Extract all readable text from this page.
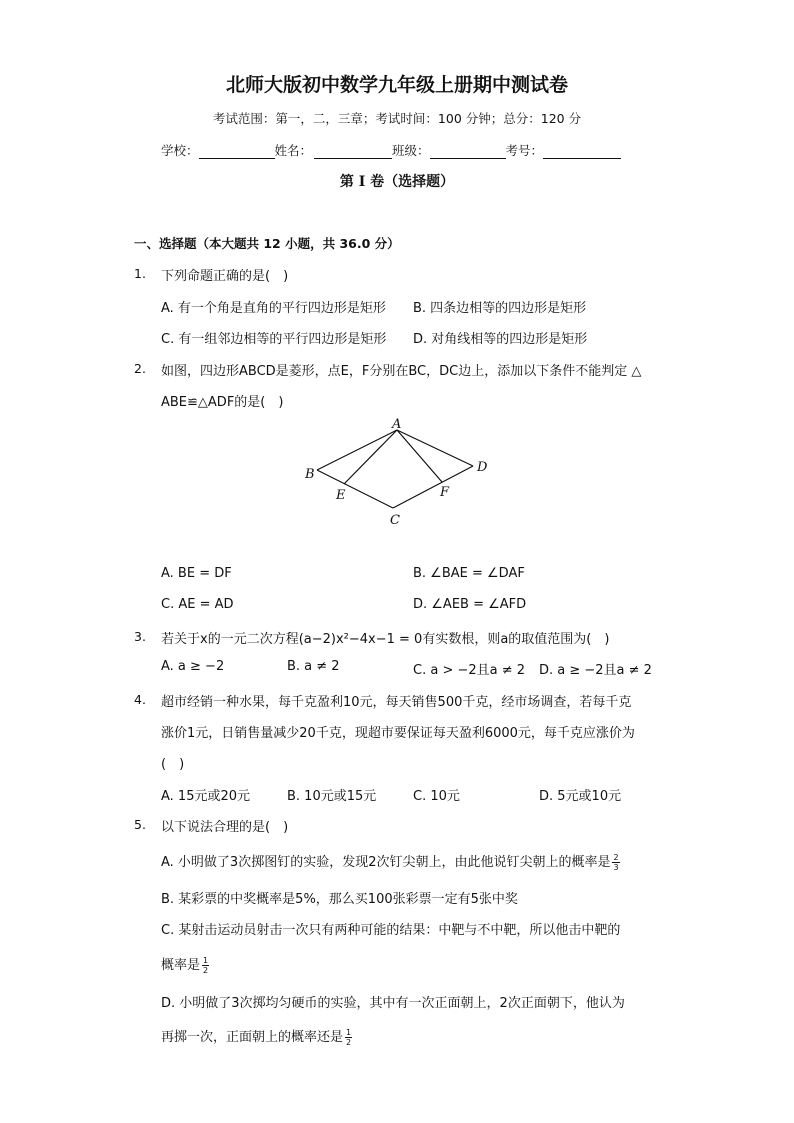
北师大版初中数学九年级上册期中测试卷
考试范围：第一，二，三章；考试时间：100 分钟；总分：120 分
学校：	姓名：	班级：	考号：
第 I 卷（选择题）
一、选择题（本大题共 12 小题，共 36.0 分）
1. 下列命题正确的是(　)
A. 有一个角是直角的平行四边形是矩形 B. 四条边相等的四边形是矩形
C. 有一组邻边相等的平行四边形是矩形 D. 对角线相等的四边形是矩形
2. 如图，四边形ABCD是菱形，点E，F分别在BC，DC边上，添加以下条件不能判定 △
ABE≌△ADF的是(　)
A
B
C
D
E	F
A. BE = DF	B. ∠BAE = ∠DAF
C. AE = AD	D. ∠AEB = ∠AFD
3. 若关于x的一元二次方程(a−2)x²−4x−1 = 0有实数根，则a的取值范围为(　)
A. a ≥ −2	B. a ≠ 2	C. a > −2且a ≠ 2 D. a ≥ −2且a ≠ 2
4. 超市经销一种水果，每千克盈利10元，每天销售500千克，经市场调查，若每千克
涨价1元，日销售量减少20千克，现超市要保证每天盈利6000元，每千克应涨价为
(　)
A. 15元或20元	B. 10元或15元	C. 10元	D. 5元或10元
5. 以下说法合理的是(　)
A. 小明做了3次掷图钉的实验，发现2次钉尖朝上，由此他说钉尖朝上的概率是 $\frac{2}{3}$
B. 某彩票的中奖概率是5%，那么买100张彩票一定有5张中奖
C. 某射击运动员射击一次只有两种可能的结果：中靶与不中靶，所以他击中靶的
概率是 $\frac{1}{2}$
D. 小明做了3次掷均匀硬币的实验，其中有一次正面朝上，2次正面朝下，他认为
再掷一次，正面朝上的概率还是 $\frac{1}{2}$
